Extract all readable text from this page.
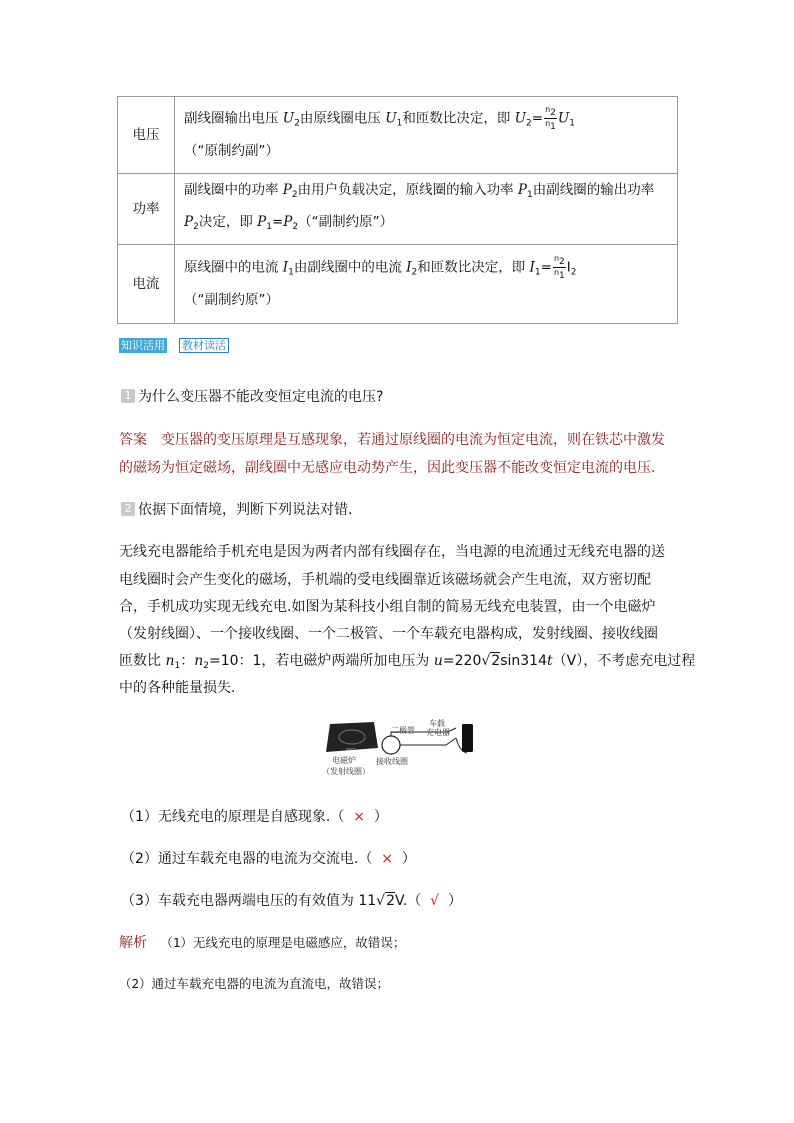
电压	副线圈输出电压 $U_2$由原线圈电压 $U_1$和匝数比决定，即 $U_2= \frac{n_2}{n_1}$ $U_1(“$原制约副”）
功率	副线圈中的功率 $P_2$由用户负载决定，原线圈的输入功率 $P_1$由副线圈的输出功率 $P_2$决定，即 $P_1=P_2(“$副制约原”）
电流	原线圈中的电流 $I_1$由副线圈中的电流 $I_2$和匝数比决定，即 $I_1= \frac{n_2}{n_1}$ $I_2(“$副制约原”）
知识活用 教材读活
1 为什么变压器不能改变恒定电流的电压?
答案　 变压器的变压原理是互感现象，若通过原线圈的电流为恒定电流，则在铁芯中激发
的磁场为恒定磁场，副线圈中无感应电动势产生，因此变压器不能改变恒定电流的电压.
2 依据下面情境，判断下列说法对错.
无线充电器能给手机充电是因为两者内部有线圈存在，当电源的电流通过无线充电器的送
电线圈时会产生变化的磁场，手机端的受电线圈靠近该磁场就会产生电流，双方密切配
合，手机成功实现无线充电.如图为某科技小组自制的简易无线充电装置，由一个电磁炉
（发射线圈）、一个接收线圈、一个二极管、一个车载充电器构成，发射线圈、接收线圈
匝数比 $n_1$：$n_2=10$：1，若电磁炉两端所加电压为 u=220√2sin314t（V），不考虑充电过程
中的各种能量损失.
电磁炉
（发射线圈）
二极管
接收线圈
车载
充电器
（1）无线充电的原理是自感现象.（ × ）
（2）通过车载充电器的电流为交流电.（ × ）
（3）车载充电器两端电压的有效值为 11√2V.（ √ ）
解析 （1）无线充电的原理是电磁感应，故错误；
（2）通过车载充电器的电流为直流电，故错误；
